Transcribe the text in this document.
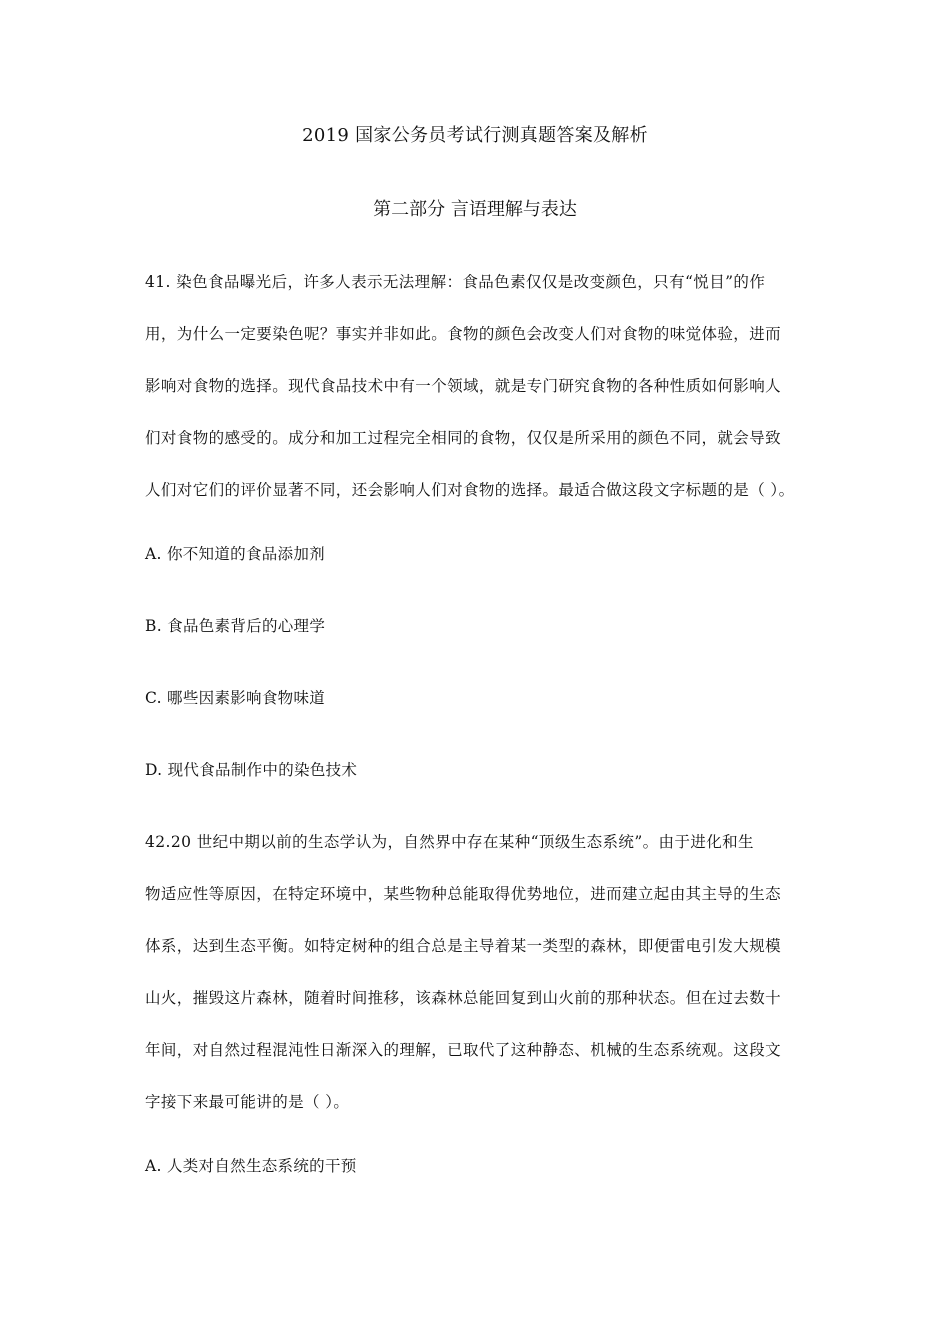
2019 国家公务员考试行测真题答案及解析
第二部分 言语理解与表达
41. 染色食品曝光后，许多人表示无法理解：食品色素仅仅是改变颜色，只有“悦目”的作
用，为什么一定要染色呢？事实并非如此。食物的颜色会改变人们对食物的味觉体验，进而
影响对食物的选择。现代食品技术中有一个领域，就是专门研究食物的各种性质如何影响人
们对食物的感受的。成分和加工过程完全相同的食物，仅仅是所采用的颜色不同，就会导致
人们对它们的评价显著不同，还会影响人们对食物的选择。最适合做这段文字标题的是（ ）。
A. 你不知道的食品添加剂
B. 食品色素背后的心理学
C. 哪些因素影响食物味道
D. 现代食品制作中的染色技术
42.20 世纪中期以前的生态学认为，自然界中存在某种“顶级生态系统”。由于进化和生
物适应性等原因，在特定环境中，某些物种总能取得优势地位，进而建立起由其主导的生态
体系，达到生态平衡。如特定树种的组合总是主导着某一类型的森林，即便雷电引发大规模
山火，摧毁这片森林，随着时间推移，该森林总能回复到山火前的那种状态。但在过去数十
年间，对自然过程混沌性日渐深入的理解，已取代了这种静态、机械的生态系统观。这段文
字接下来最可能讲的是（ ）。
A. 人类对自然生态系统的干预
